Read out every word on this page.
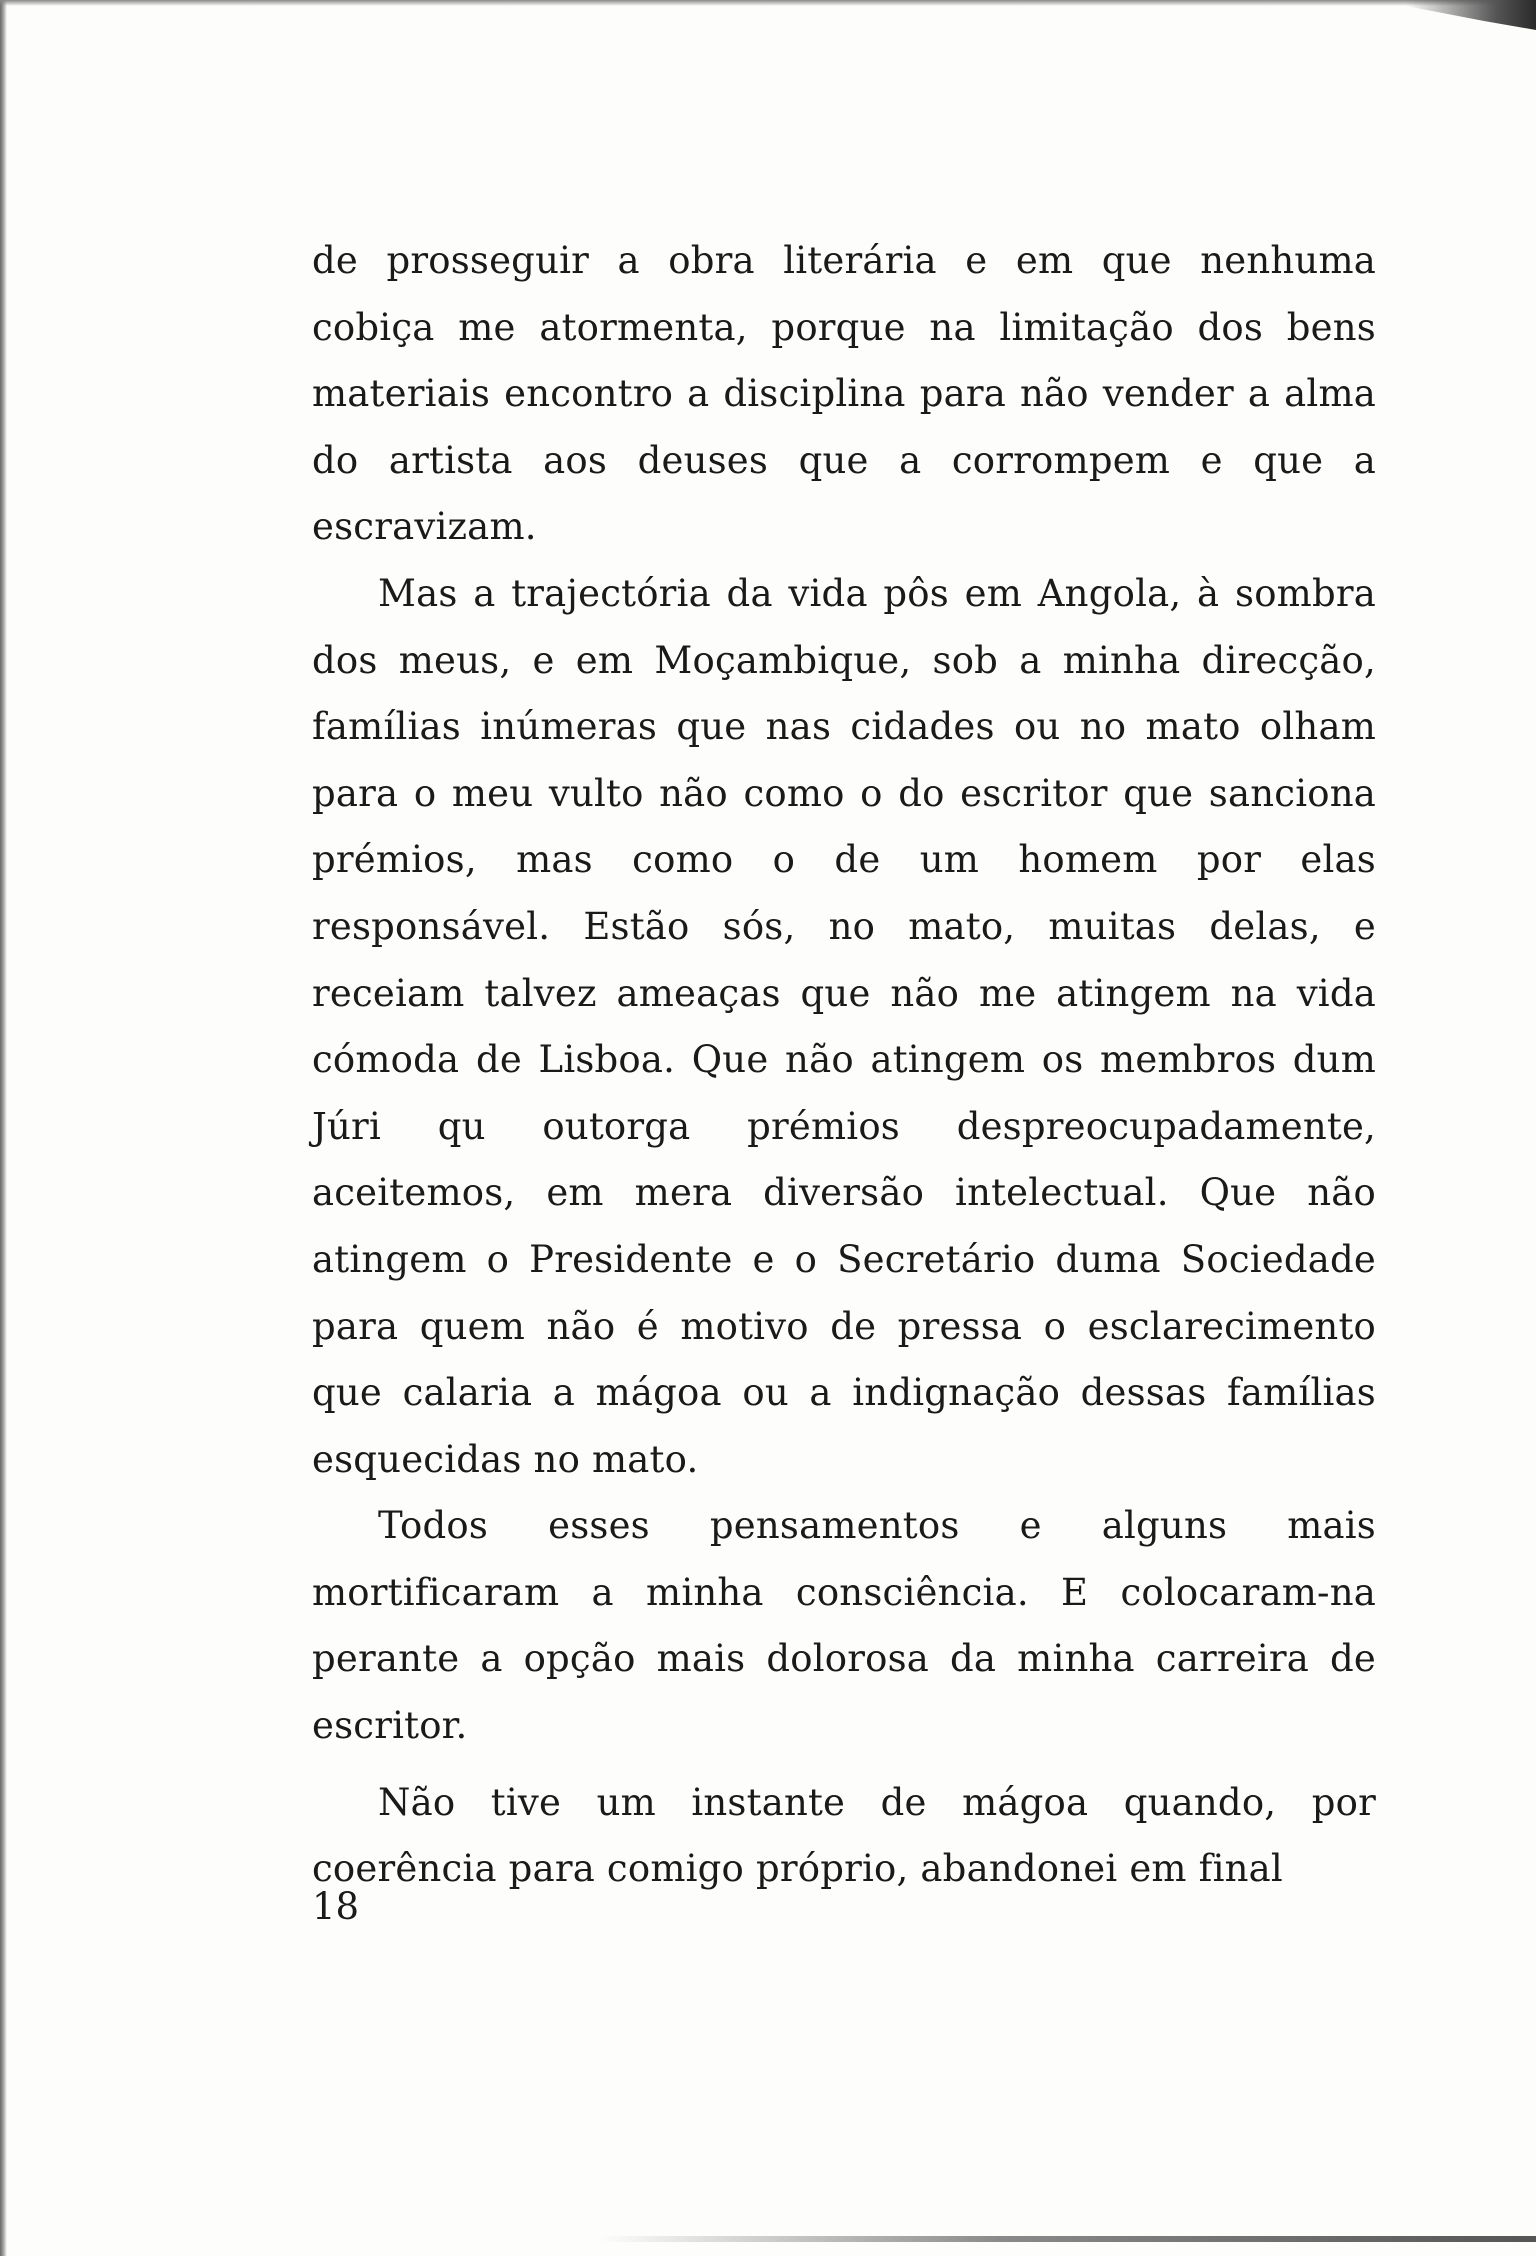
de prosseguir a obra literária e em que nenhuma cobiça me atormenta, porque na limitação dos bens materiais encontro a disciplina para não vender a alma do artista aos deuses que a corrompem e que a escravizam.

Mas a trajectória da vida pôs em Angola, à sombra dos meus, e em Moçambique, sob a minha direcção, famílias inúmeras que nas cidades ou no mato olham para o meu vulto não como o do escritor que sanciona prémios, mas como o de um homem por elas responsável. Estão sós, no mato, muitas delas, e receiam talvez ameaças que não me atingem na vida cómoda de Lisboa. Que não atingem os membros dum Júri qu outorga prémios despreocupadamente, aceitemos, em mera diversão intelectual. Que não atingem o Presidente e o Secretário duma Sociedade para quem não é motivo de pressa o esclarecimento que calaria a mágoa ou a indignação dessas famílias esquecidas no mato.

Todos esses pensamentos e alguns mais mortificaram a minha consciência. E colocaram-na perante a opção mais dolorosa da minha carreira de escritor.

Não tive um instante de mágoa quando, por coerência para comigo próprio, abandonei em final

18
